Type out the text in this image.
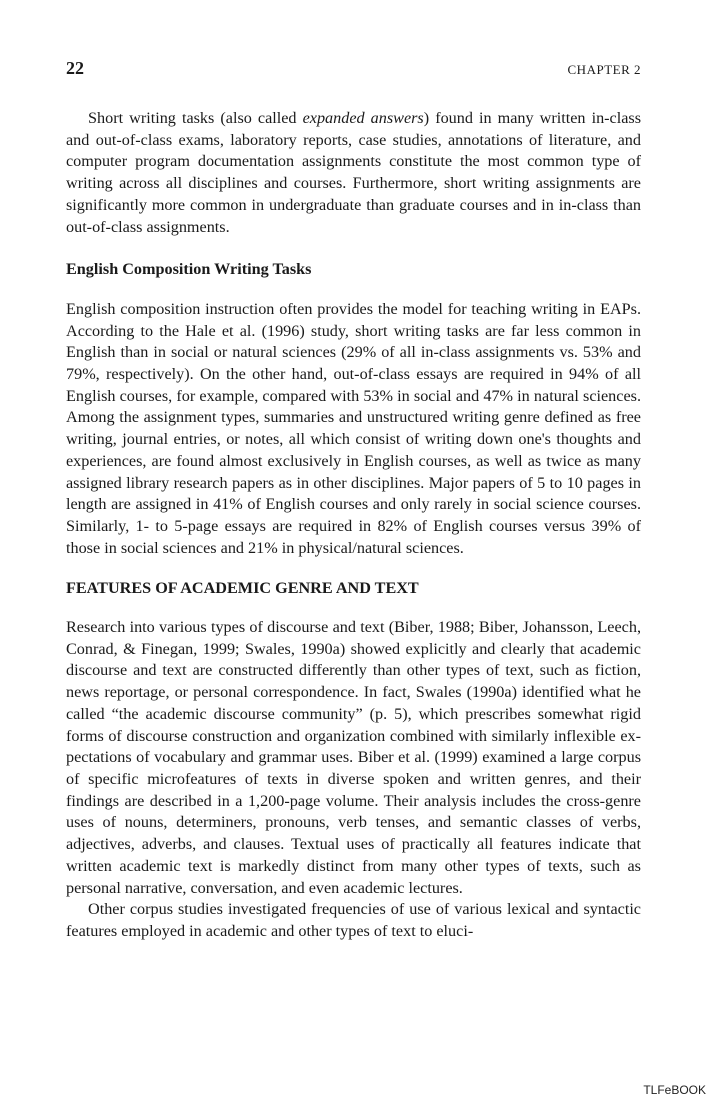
22	CHAPTER 2

Short writing tasks (also called expanded answers) found in many written in-class and out-of-class exams, laboratory reports, case studies, annotations of literature, and computer program documentation assignments constitute the most common type of writing across all disciplines and courses. Furthermore, short writing assignments are significantly more common in undergraduate than graduate courses and in in-class than out-of-class assignments.

English Composition Writing Tasks

English composition instruction often provides the model for teaching writing in EAPs. According to the Hale et al. (1996) study, short writing tasks are far less common in English than in social or natural sciences (29% of all in-class assignments vs. 53% and 79%, respectively). On the other hand, out-of-class essays are required in 94% of all English courses, for example, compared with 53% in social and 47% in natural sciences. Among the assignment types, summaries and unstructured writing genre defined as free writing, journal entries, or notes, all which consist of writing down one's thoughts and experiences, are found almost exclusively in English courses, as well as twice as many assigned library research papers as in other disciplines. Major papers of 5 to 10 pages in length are assigned in 41% of English courses and only rarely in social science courses. Similarly, 1- to 5-page essays are required in 82% of English courses versus 39% of those in social sciences and 21% in physical/natural sciences.

FEATURES OF ACADEMIC GENRE AND TEXT

Research into various types of discourse and text (Biber, 1988; Biber, Johansson, Leech, Conrad, & Finegan, 1999; Swales, 1990a) showed explicitly and clearly that academic discourse and text are constructed differently than other types of text, such as fiction, news reportage, or personal correspondence. In fact, Swales (1990a) identified what he called “the academic discourse community” (p. 5), which prescribes somewhat rigid forms of discourse construction and organization combined with similarly inflexible expectations of vocabulary and grammar uses. Biber et al. (1999) examined a large corpus of specific microfeatures of texts in diverse spoken and written genres, and their findings are described in a 1,200-page volume. Their analysis includes the cross-genre uses of nouns, determiners, pronouns, verb tenses, and semantic classes of verbs, adjectives, adverbs, and clauses. Textual uses of practically all features indicate that written academic text is markedly distinct from many other types of texts, such as personal narrative, conversation, and even academic lectures.

Other corpus studies investigated frequencies of use of various lexical and syntactic features employed in academic and other types of text to eluci-

TLFeBOOK
